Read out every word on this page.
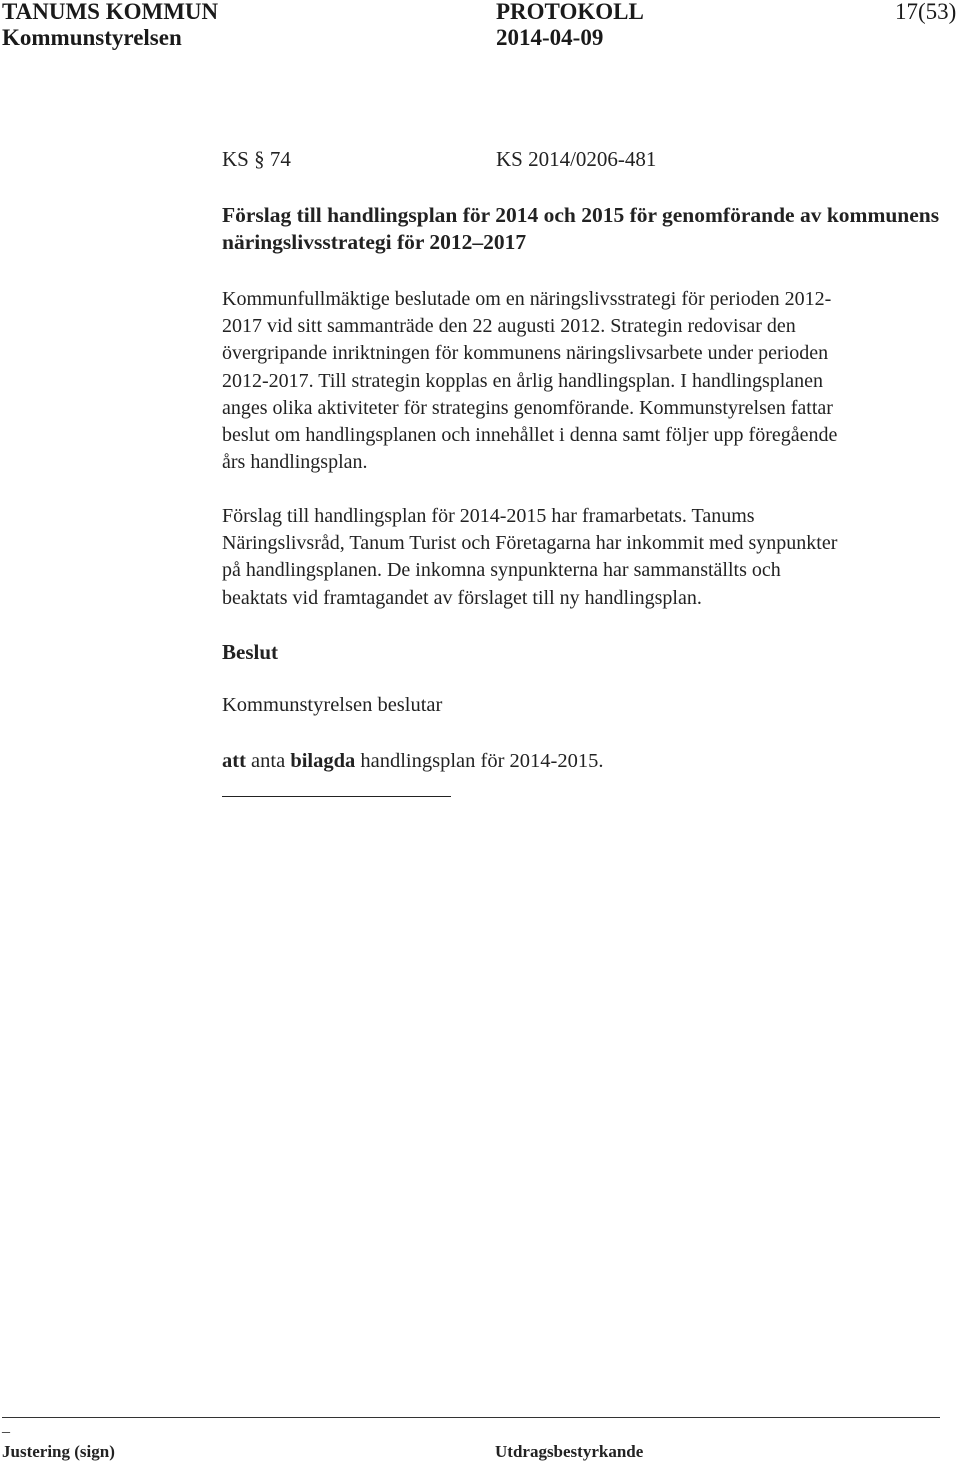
TANUMS KOMMUN
Kommunstyrelsen
PROTOKOLL
2014-04-09
17(53)
KS § 74	KS 2014/0206-481
Förslag till handlingsplan för 2014 och 2015 för genomförande av kommunens näringslivsstrategi för 2012–2017
Kommunfullmäktige beslutade om en näringslivsstrategi för perioden 2012-
2017 vid sitt sammanträde den 22 augusti 2012. Strategin redovisar den
övergripande inriktningen för kommunens näringslivsarbete under perioden
2012-2017. Till strategin kopplas en årlig handlingsplan. I handlingsplanen
anges olika aktiviteter för strategins genomförande. Kommunstyrelsen fattar
beslut om handlingsplanen och innehållet i denna samt följer upp föregående
års handlingsplan.
Förslag till handlingsplan för 2014-2015 har framarbetats. Tanums
Näringslivsråd, Tanum Turist och Företagarna har inkommit med synpunkter
på handlingsplanen. De inkomna synpunkterna har sammanställts och
beaktats vid framtagandet av förslaget till ny handlingsplan.
Beslut
Kommunstyrelsen beslutar
att anta bilagda handlingsplan för 2014-2015.
_
Justering (sign)	Utdragsbestyrkande
